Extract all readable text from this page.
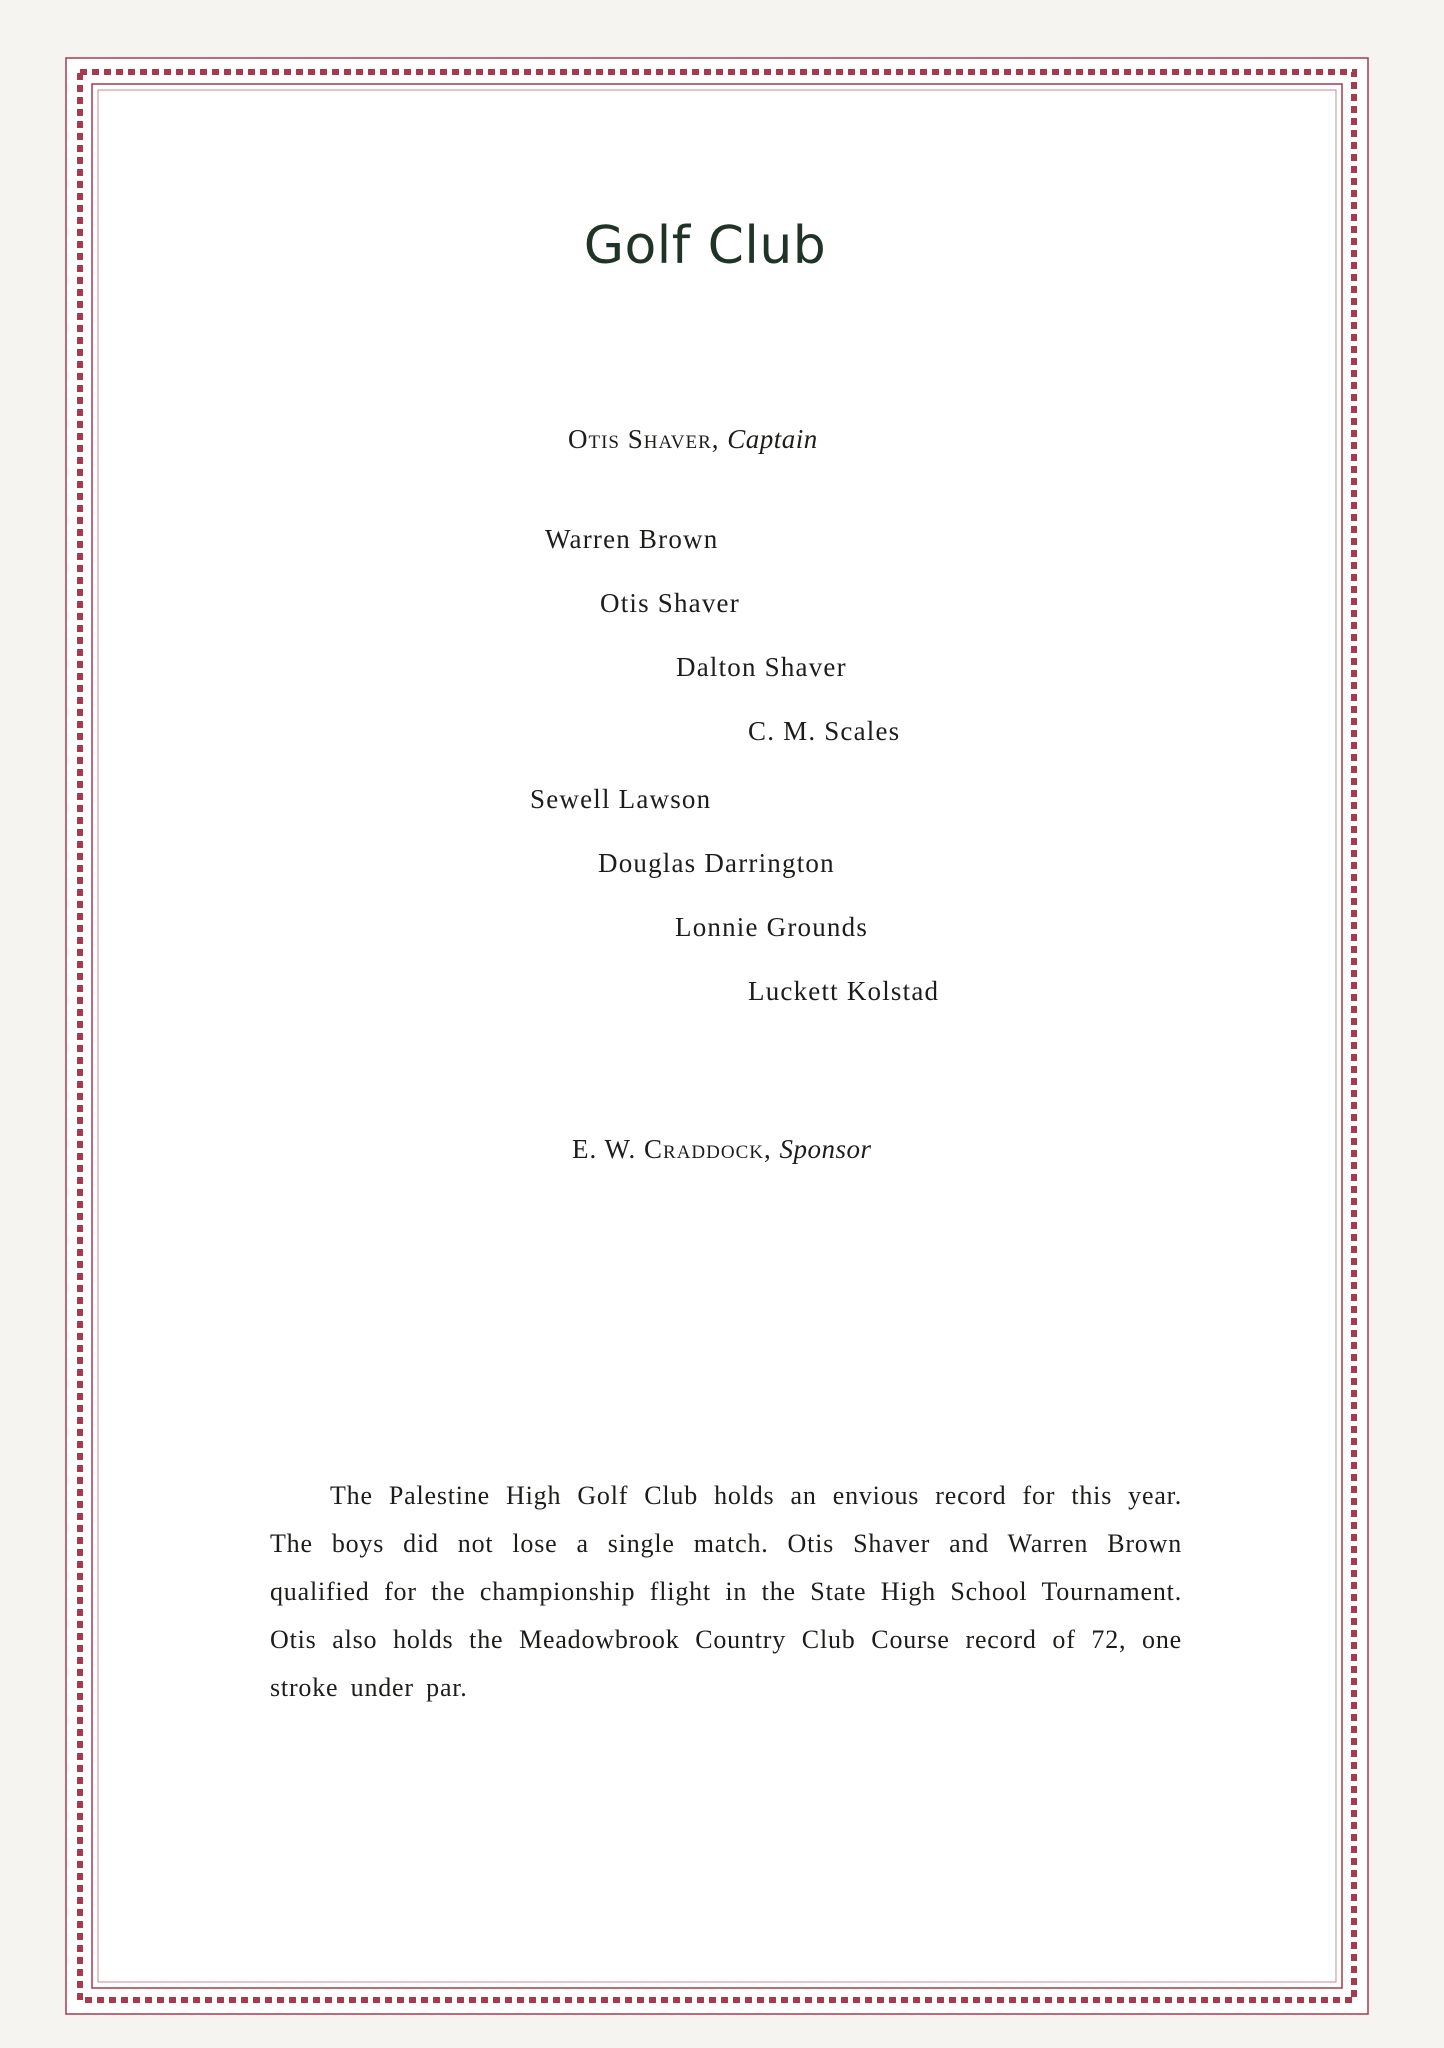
Golf Club
Otis Shaver, Captain
Warren Brown
Otis Shaver
Dalton Shaver
C. M. Scales
Sewell Lawson
Douglas Darrington
Lonnie Grounds
Luckett Kolstad
E. W. Craddock, Sponsor

The Palestine High Golf Club holds an envious record for this year. The boys did not lose a single match. Otis Shaver and Warren Brown qualified for the championship flight in the State High School Tournament. Otis also holds the Meadowbrook Country Club Course record of 72, one stroke under par.
